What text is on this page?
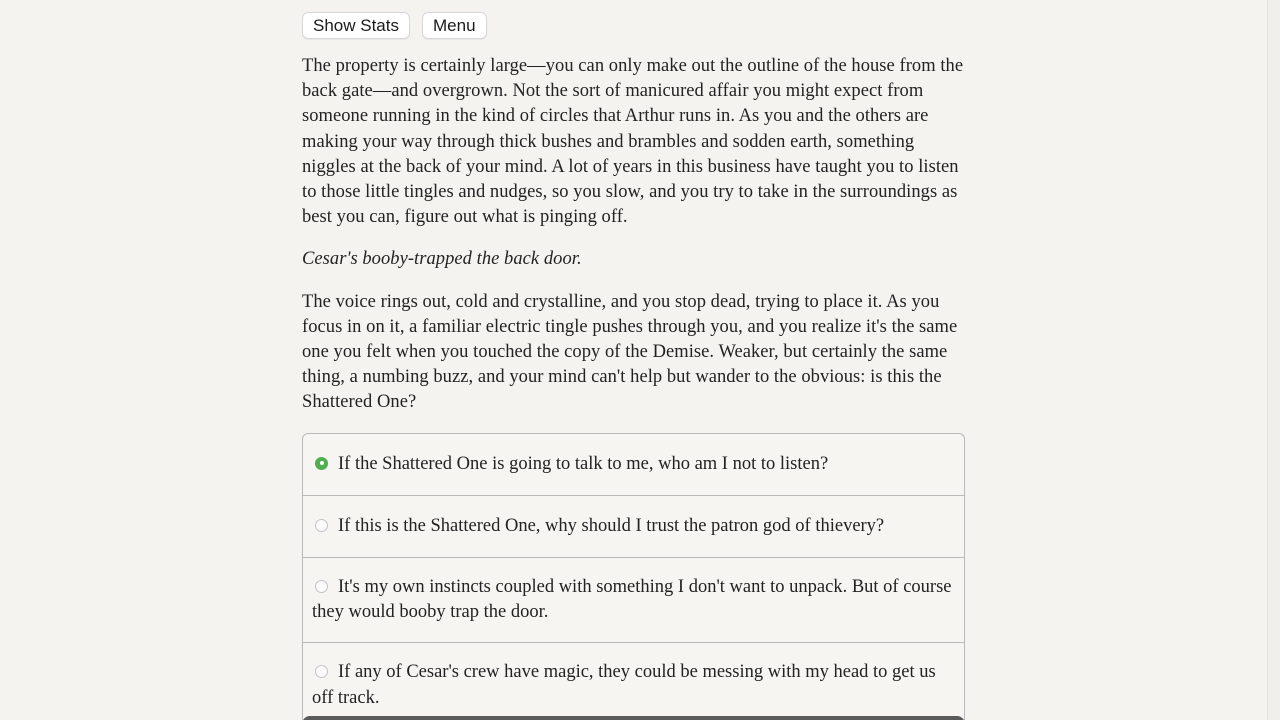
Show Stats	Menu

The property is certainly large—you can only make out the outline of the house from the back gate—and overgrown. Not the sort of manicured affair you might expect from someone running in the kind of circles that Arthur runs in. As you and the others are making your way through thick bushes and brambles and sodden earth, something niggles at the back of your mind. A lot of years in this business have taught you to listen to those little tingles and nudges, so you slow, and you try to take in the surroundings as best you can, figure out what is pinging off.

Cesar's booby-trapped the back door.

The voice rings out, cold and crystalline, and you stop dead, trying to place it. As you focus in on it, a familiar electric tingle pushes through you, and you realize it's the same one you felt when you touched the copy of the Demise. Weaker, but certainly the same thing, a numbing buzz, and your mind can't help but wander to the obvious: is this the Shattered One?

If the Shattered One is going to talk to me, who am I not to listen?
If this is the Shattered One, why should I trust the patron god of thievery?
It's my own instincts coupled with something I don't want to unpack. But of course they would booby trap the door.
If any of Cesar's crew have magic, they could be messing with my head to get us off track.
